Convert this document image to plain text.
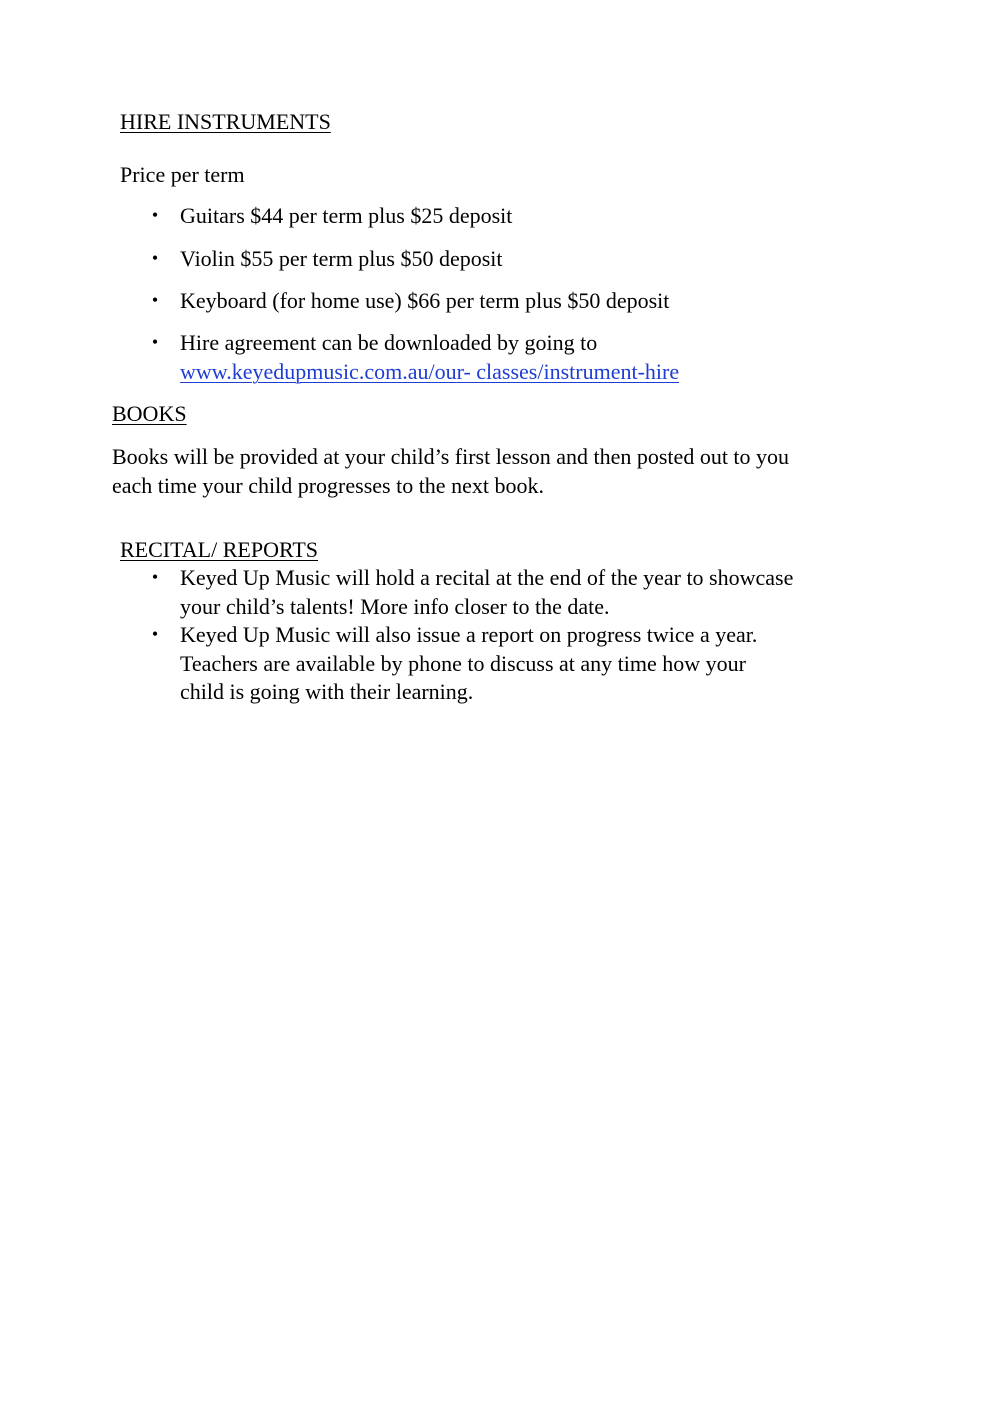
HIRE INSTRUMENTS
Price per term
• Guitars $44 per term plus $25 deposit
• Violin $55 per term plus $50 deposit
• Keyboard (for home use) $66 per term plus $50 deposit
• Hire agreement can be downloaded by going to
www.keyedupmusic.com.au/our- classes/instrument-hire
BOOKS
Books will be provided at your child’s first lesson and then posted out to you
each time your child progresses to the next book.
RECITAL/ REPORTS
• Keyed Up Music will hold a recital at the end of the year to showcase
your child’s talents! More info closer to the date.
• Keyed Up Music will also issue a report on progress twice a year.
Teachers are available by phone to discuss at any time how your
child is going with their learning.
